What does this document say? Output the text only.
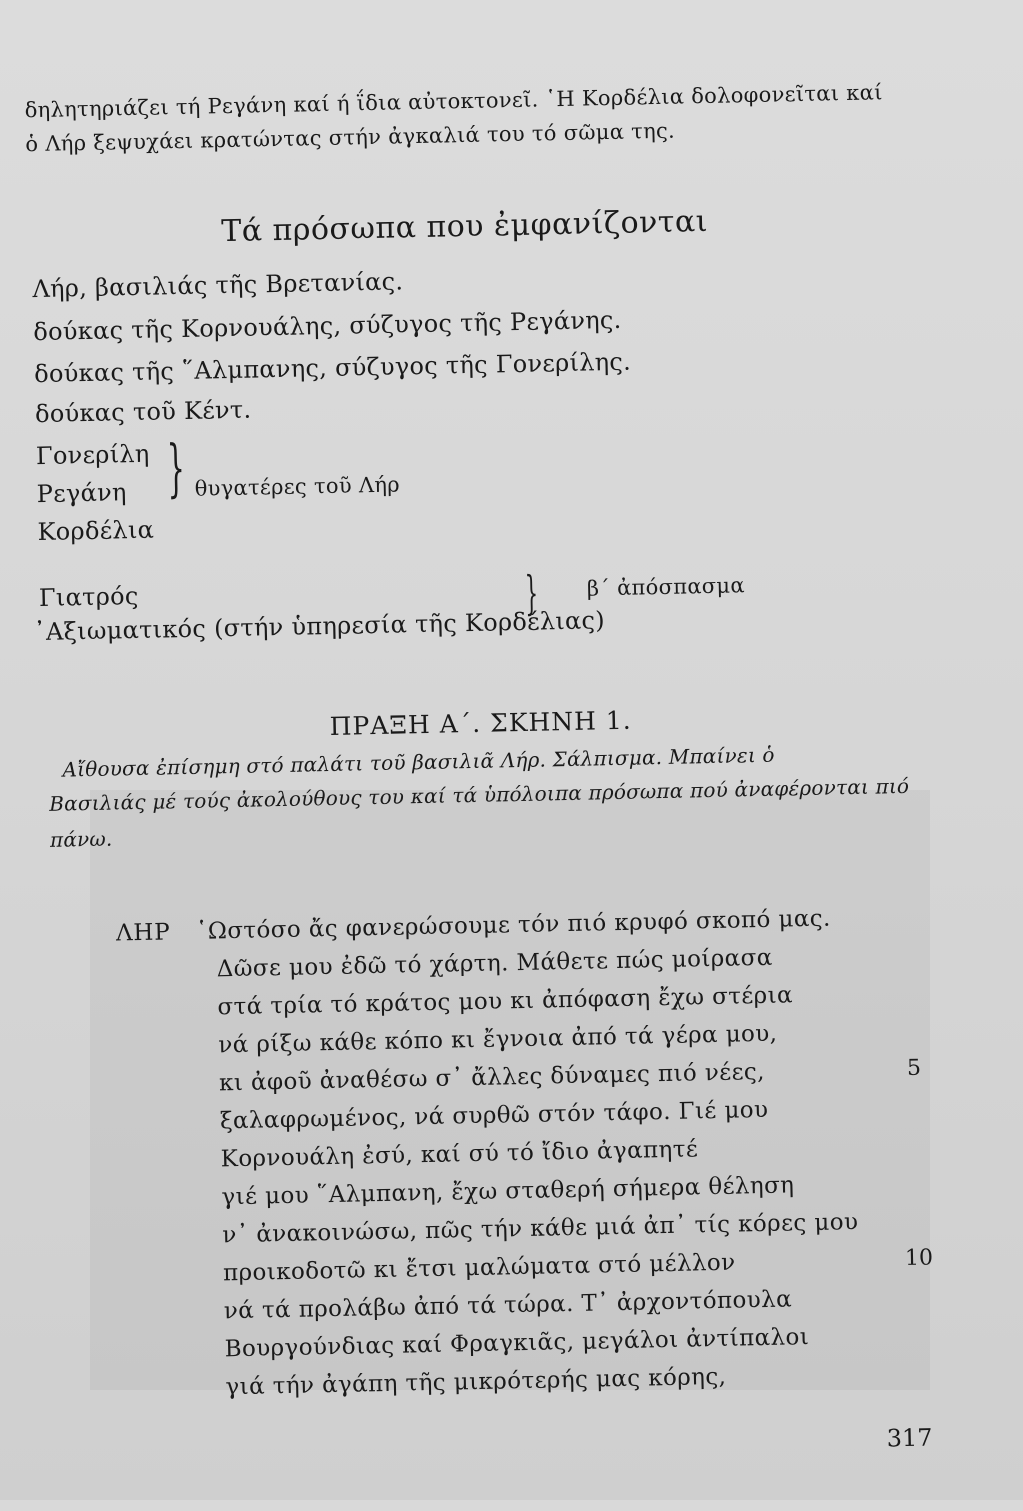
δηλητηριάζει τή Ρεγάνη καί ή ΐδια αὐτοκτονεῖ. ῾Η Κορδέλια δολοφονεῖται καί
ὁ Λήρ ξεψυχάει κρατώντας στήν ἀγκαλιά του τό σῶμα της.
Τά πρόσωπα που ἐμφανίζονται
Λήρ, βασιλιάς τῆς Βρετανίας.
δούκας τῆς Κορνουάλης, σύζυγος τῆς Ρεγάνης.
δούκας τῆς ῞Αλμπανης, σύζυγος τῆς Γονερίλης.
δούκας τοῦ Κέντ.
Γονερίλη
Ρεγάνη
Κορδέλια
} θυγατέρες τοῦ Λήρ
Γιατρός
᾿Αξιωματικός (στήν ὑπηρεσία τῆς Κορδέλιας)
} β΄ ἀπόσπασμα
ΠΡΑΞΗ Α΄. ΣΚΗΝΗ 1.
Αἴθουσα ἐπίσημη στό παλάτι τοῦ βασιλιᾶ Λήρ. Σάλπισμα. Μπαίνει ὁ
Βασιλιάς μέ τούς ἀκολούθους του καί τά ὑπόλοιπα πρόσωπα πού ἀναφέρονται πιό
πάνω.
ΛΗΡ ῾Ωστόσο ἄς φανερώσουμε τόν πιό κρυφό σκοπό μας.
Δῶσε μου ἐδῶ τό χάρτη. Μάθετε πώς μοίρασα
στά τρία τό κράτος μου κι ἀπόφαση ἔχω στέρια
νά ρίξω κάθε κόπο κι ἔγνοια ἀπό τά γέρα μου,
κι ἀφοῦ ἀναθέσω σ᾿ ἄλλες δύναμες πιό νέες,
ξαλαφρωμένος, νά συρθῶ στόν τάφο. Γιέ μου
Κορνουάλη ἐσύ, καί σύ τό ἴδιο ἀγαπητέ
γιέ μου ῞Αλμπανη, ἔχω σταθερή σήμερα θέληση
ν᾿ ἀνακοινώσω, πῶς τήν κάθε μιά ἀπ᾿ τίς κόρες μου
προικοδοτῶ κι ἔτσι μαλώματα στό μέλλον
νά τά προλάβω ἀπό τά τώρα. Τ᾿ ἀρχοντόπουλα
Βουργούνδιας καί Φραγκιᾶς, μεγάλοι ἀντίπαλοι
γιά τήν ἀγάπη τῆς μικρότερής μας κόρης,
5
10
317
